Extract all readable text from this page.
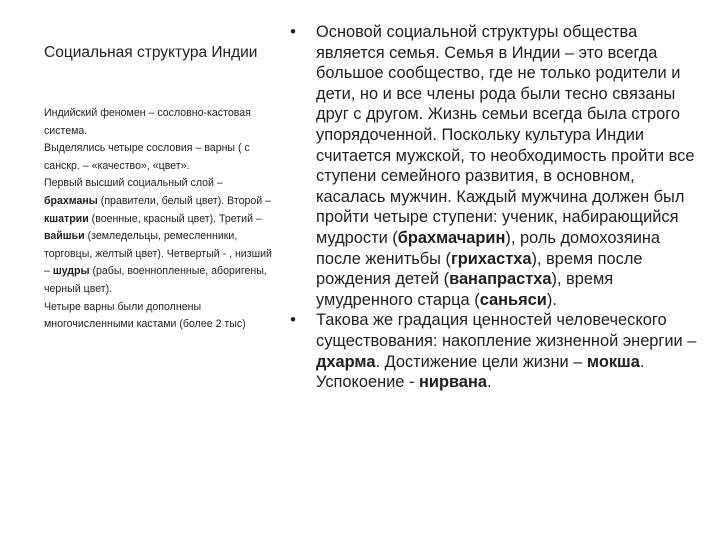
Социальная структура Индии

Индийский феномен – сословно-кастовая система.

Выделялись четыре сословия – варны ( с санскр. – «качество», «цвет».

Первый высший социальный слой – брахманы (правители, белый цвет). Второй – кшатрии (военные, красный цвет). Третий – вайшьи (земледельцы, ремесленники, торговцы, желтый цвет). Четвертый - , низший – шудры (рабы, военнопленные, аборигены, черный цвет).

Четыре варны были дополнены многочисленными кастами (более 2 тыс)

• Основой социальной структуры общества является семья. Семья в Индии – это всегда большое сообщество, где не только родители и дети, но и все члены рода были тесно связаны друг с другом. Жизнь семьи всегда была строго упорядоченной. Поскольку культура Индии считается мужской, то необходимость пройти все ступени семейного развития, в основном, касалась мужчин. Каждый мужчина должен был пройти четыре ступени: ученик, набирающийся мудрости (брахмачарин), роль домохозяина после женитьбы (грихастха), время после рождения детей (ванапрастха), время умудренного старца (саньяси).
• Такова же градация ценностей человеческого существования: накопление жизненной энергии – дхарма. Достижение цели жизни – мокша. Успокоение - нирвана.
